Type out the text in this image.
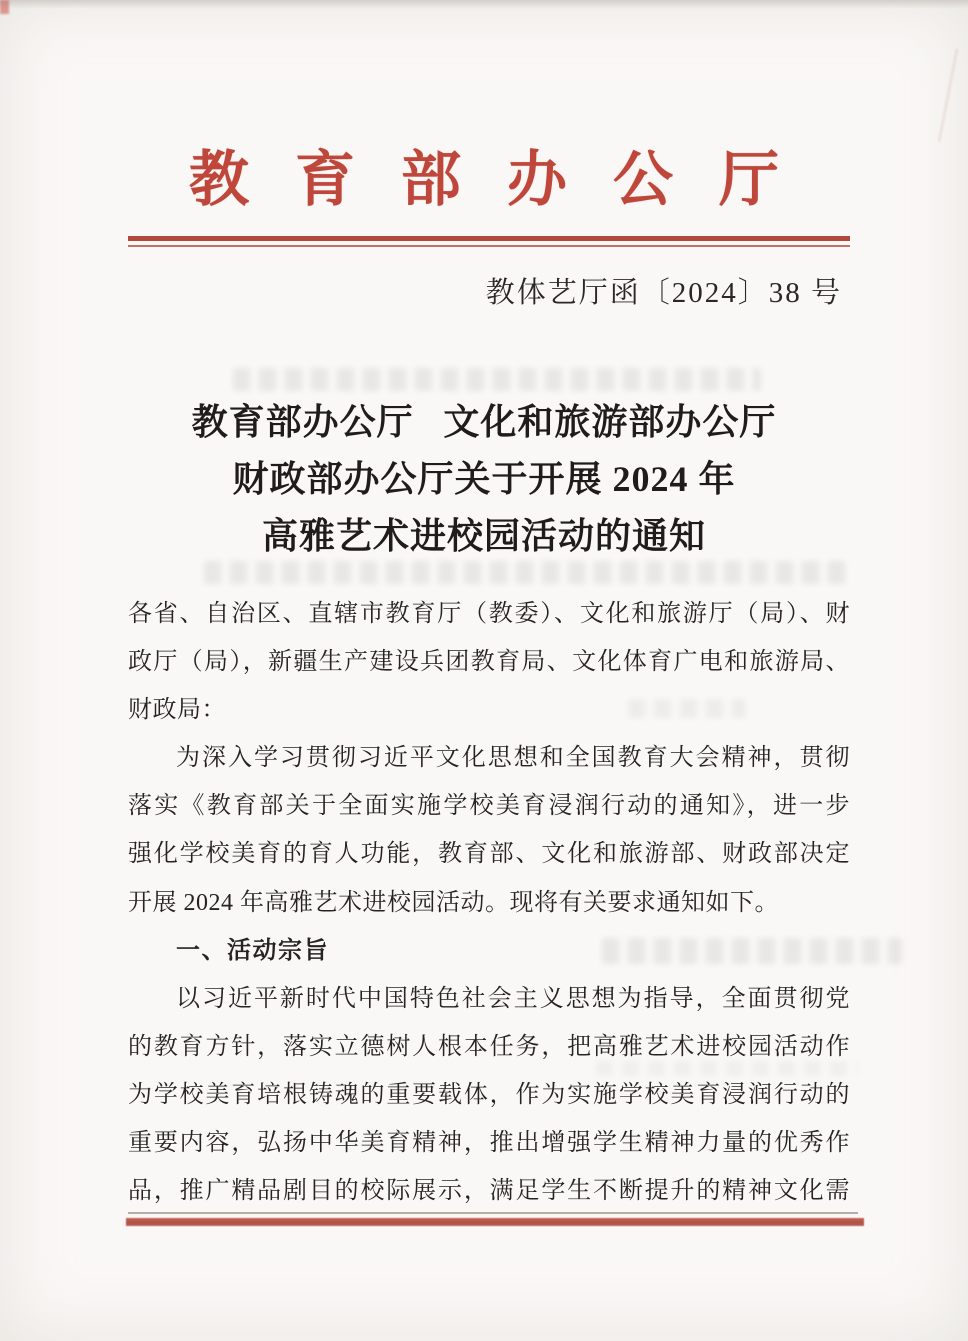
教育部办公厅
教体艺厅函〔2024〕38 号
教育部办公厅 文化和旅游部办公厅
财政部办公厅关于开展 2024 年
高雅艺术进校园活动的通知
各省、自治区、直辖市教育厅（教委）、文化和旅游厅（局）、财
政厅（局），新疆生产建设兵团教育局、文化体育广电和旅游局、
财政局：
为深入学习贯彻习近平文化思想和全国教育大会精神，贯彻
落实《教育部关于全面实施学校美育浸润行动的通知》，进一步
强化学校美育的育人功能，教育部、文化和旅游部、财政部决定
开展 2024 年高雅艺术进校园活动。现将有关要求通知如下。
一、活动宗旨
以习近平新时代中国特色社会主义思想为指导，全面贯彻党
的教育方针，落实立德树人根本任务，把高雅艺术进校园活动作
为学校美育培根铸魂的重要载体，作为实施学校美育浸润行动的
重要内容，弘扬中华美育精神，推出增强学生精神力量的优秀作
品，推广精品剧目的校际展示，满足学生不断提升的精神文化需
